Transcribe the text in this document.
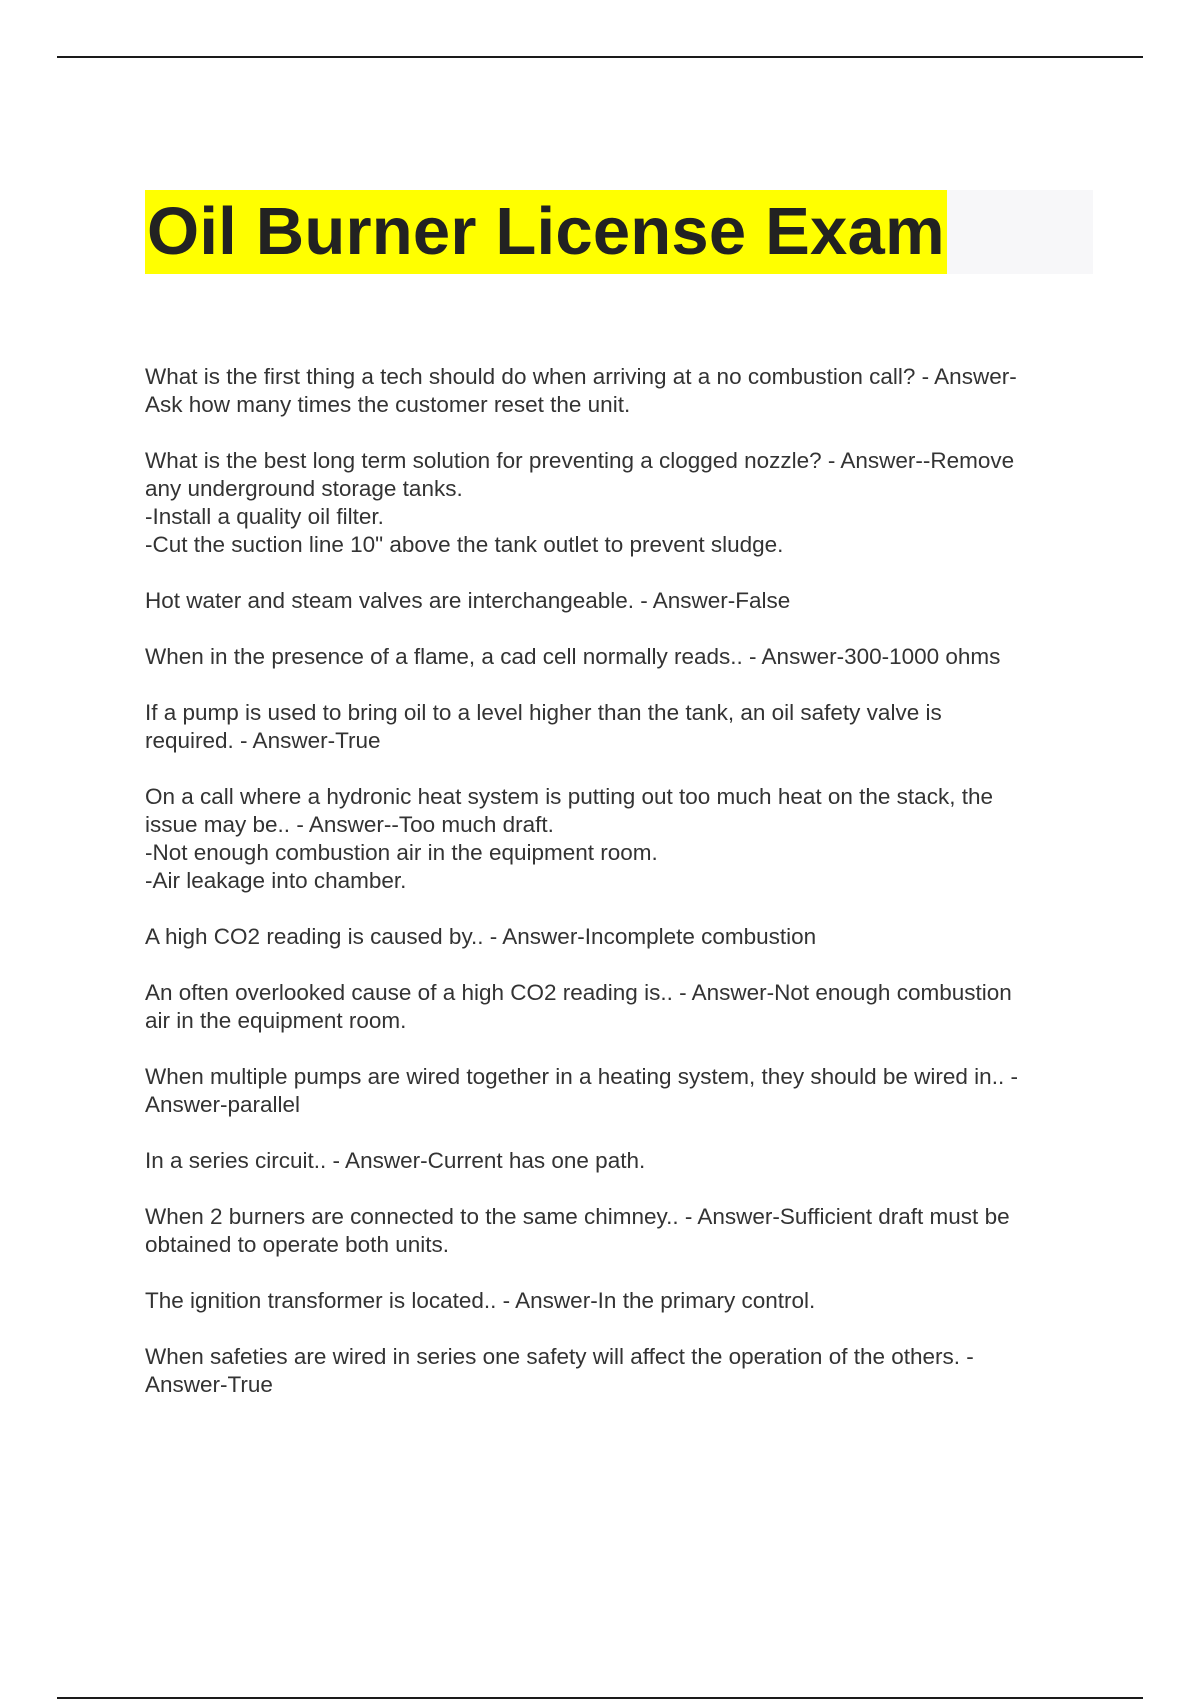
Oil Burner License Exam
What is the first thing a tech should do when arriving at a no combustion call? - Answer-
Ask how many times the customer reset the unit.
What is the best long term solution for preventing a clogged nozzle? - Answer--Remove
any underground storage tanks.
-Install a quality oil filter.
-Cut the suction line 10" above the tank outlet to prevent sludge.
Hot water and steam valves are interchangeable. - Answer-False
When in the presence of a flame, a cad cell normally reads.. - Answer-300-1000 ohms
If a pump is used to bring oil to a level higher than the tank, an oil safety valve is
required. - Answer-True
On a call where a hydronic heat system is putting out too much heat on the stack, the
issue may be.. - Answer--Too much draft.
-Not enough combustion air in the equipment room.
-Air leakage into chamber.
A high CO2 reading is caused by.. - Answer-Incomplete combustion
An often overlooked cause of a high CO2 reading is.. - Answer-Not enough combustion
air in the equipment room.
When multiple pumps are wired together in a heating system, they should be wired in.. -
Answer-parallel
In a series circuit.. - Answer-Current has one path.
When 2 burners are connected to the same chimney.. - Answer-Sufficient draft must be
obtained to operate both units.
The ignition transformer is located.. - Answer-In the primary control.
When safeties are wired in series one safety will affect the operation of the others. -
Answer-True
